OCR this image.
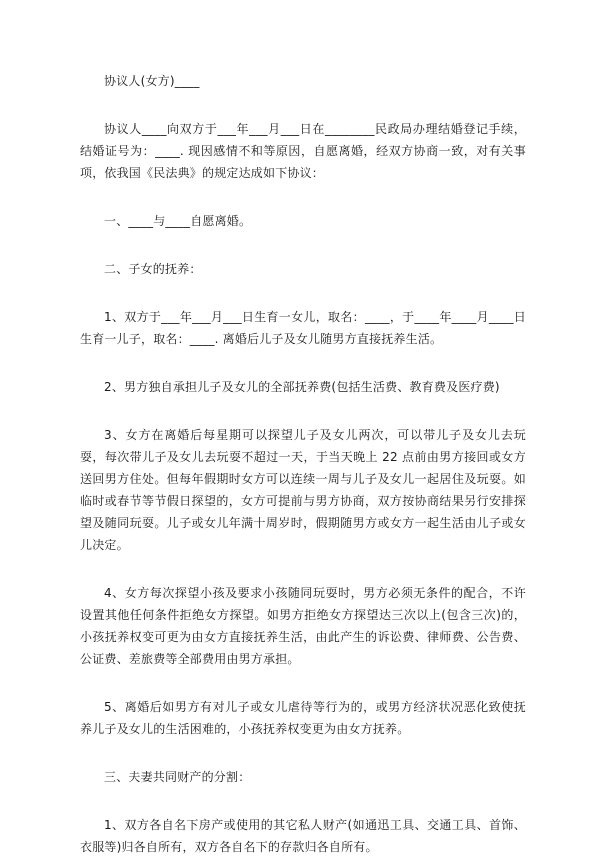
协议人(女方)____

协议人____向双方于___年___月___日在________民政局办理结婚登记手续，结婚证号为：____. 现因感情不和等原因，自愿离婚，经双方协商一致，对有关事项，依我国《民法典》的规定达成如下协议：

一、____与____自愿离婚。

二、子女的抚养：

1、双方于___年___月___日生育一女儿，取名：____，于____年____月____日生育一儿子，取名：____. 离婚后儿子及女儿随男方直接抚养生活。

2、男方独自承担儿子及女儿的全部抚养费(包括生活费、教育费及医疗费)

3、女方在离婚后每星期可以探望儿子及女儿两次，可以带儿子及女儿去玩耍，每次带儿子及女儿去玩耍不超过一天，于当天晚上 22 点前由男方接回或女方送回男方住处。但每年假期时女方可以连续一周与儿子及女儿一起居住及玩耍。如临时或春节等节假日探望的，女方可提前与男方协商，双方按协商结果另行安排探望及随同玩耍。儿子或女儿年满十周岁时，假期随男方或女方一起生活由儿子或女儿决定。

4、女方每次探望小孩及要求小孩随同玩耍时，男方必须无条件的配合，不许设置其他任何条件拒绝女方探望。如男方拒绝女方探望达三次以上(包含三次)的，小孩抚养权变可更为由女方直接抚养生活，由此产生的诉讼费、律师费、公告费、公证费、差旅费等全部费用由男方承担。

5、离婚后如男方有对儿子或女儿虐待等行为的，或男方经济状况恶化致使抚养儿子及女儿的生活困难的，小孩抚养权变更为由女方抚养。

三、夫妻共同财产的分割：

1、双方各自名下房产或使用的其它私人财产(如通迅工具、交通工具、首饰、衣服等)归各自所有，双方各自名下的存款归各自所有。
